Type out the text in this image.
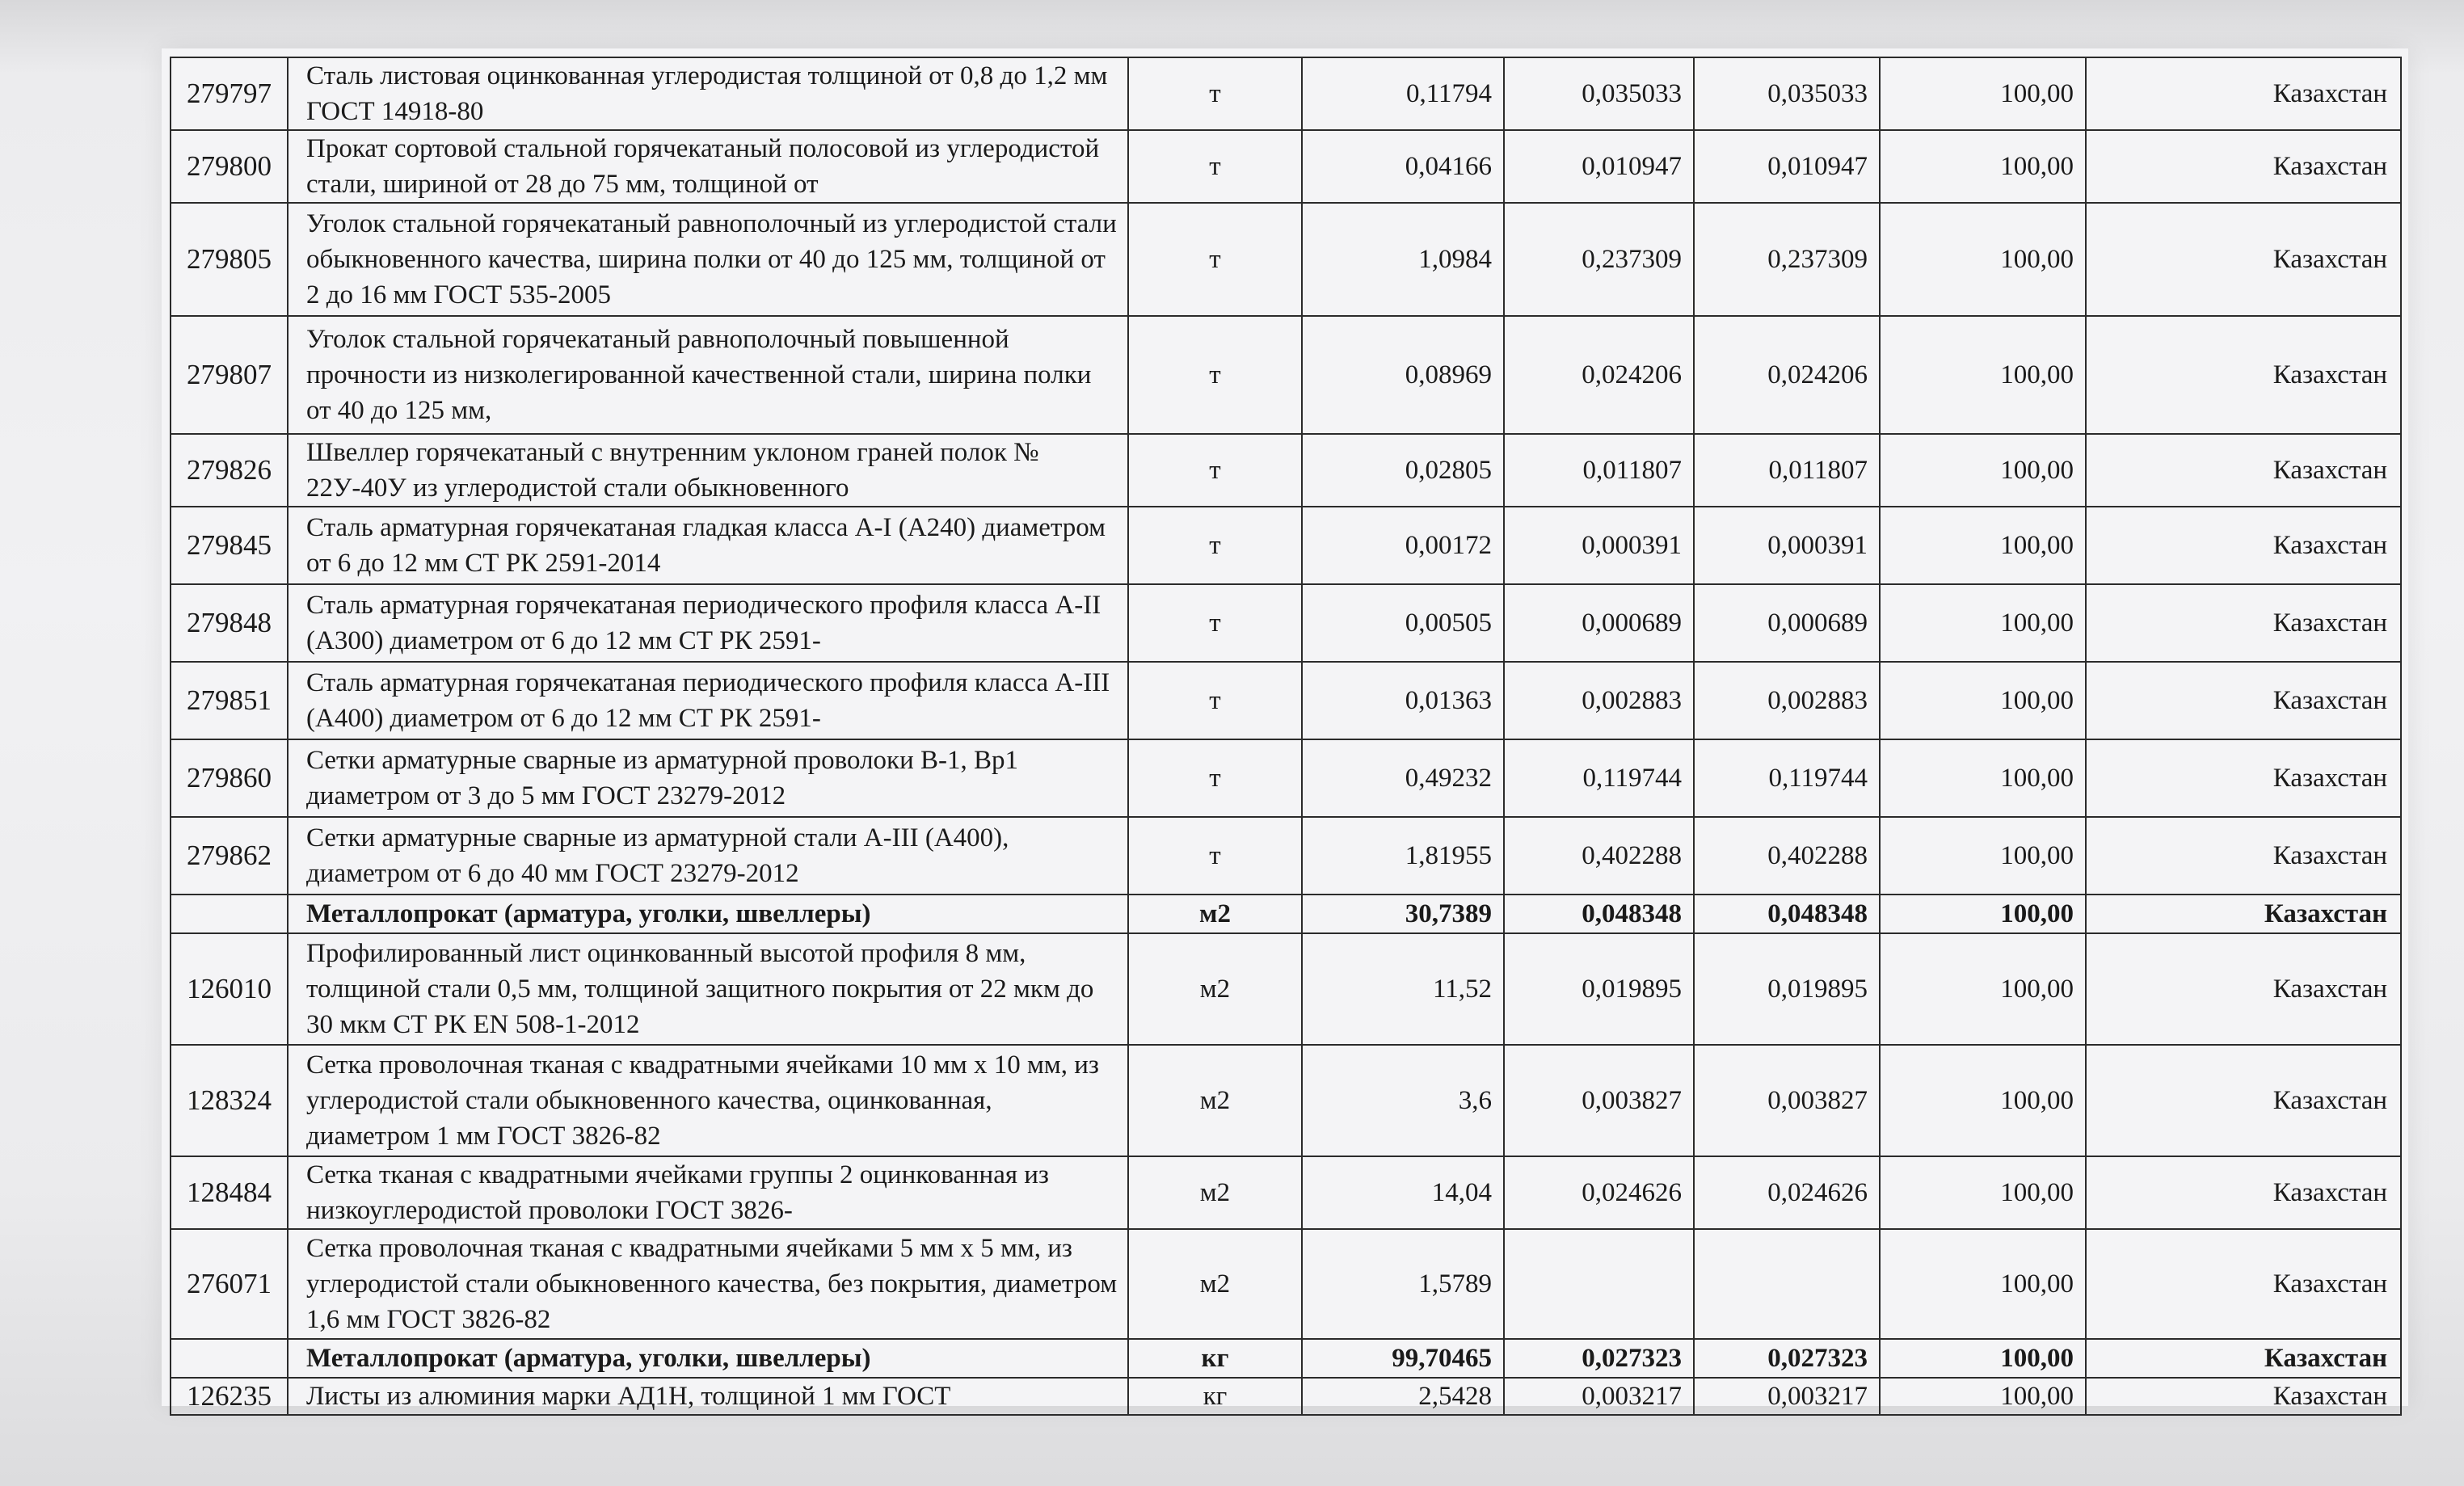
279797	Сталь листовая оцинкованная углеродистая толщиной от 0,8 до 1,2 мм ГОСТ 14918-80	т	0,11794	0,035033	0,035033	100,00	Казахстан

279800	Прокат сортовой стальной горячекатаный полосовой из углеродистой стали, шириной от 28 до 75 мм, толщиной от	т	0,04166	0,010947	0,010947	100,00	Казахстан

279805	Уголок стальной горячекатаный равнополочный из углеродистой стали обыкновенного качества, ширина полки от 40 до 125 мм, толщиной от 2 до 16 мм ГОСТ 535-2005	т	1,0984	0,237309	0,237309	100,00	Казахстан

279807	Уголок стальной горячекатаный равнополочный повышенной прочности из низколегированной качественной стали, ширина полки от 40 до 125 мм,	т	0,08969	0,024206	0,024206	100,00	Казахстан

279826	Швеллер горячекатаный с внутренним уклоном граней полок № 22У-40У из углеродистой стали обыкновенного	т	0,02805	0,011807	0,011807	100,00	Казахстан

279845	Сталь арматурная горячекатаная гладкая класса А-I (А240) диаметром от 6 до 12 мм СТ РК 2591-2014	т	0,00172	0,000391	0,000391	100,00	Казахстан

279848	Сталь арматурная горячекатаная периодического профиля класса А-II (А300) диаметром от 6 до 12 мм СТ РК 2591-	т	0,00505	0,000689	0,000689	100,00	Казахстан

279851	Сталь арматурная горячекатаная периодического профиля класса А-III (А400) диаметром от 6 до 12 мм СТ РК 2591-	т	0,01363	0,002883	0,002883	100,00	Казахстан

279860	Сетки арматурные сварные из арматурной проволоки В-1, Вр1 диаметром от 3 до 5 мм ГОСТ 23279-2012	т	0,49232	0,119744	0,119744	100,00	Казахстан

279862	Сетки арматурные сварные из арматурной стали А-III (А400), диаметром от 6 до 40 мм ГОСТ 23279-2012	т	1,81955	0,402288	0,402288	100,00	Казахстан

	Металлопрокат (арматура, уголки, швеллеры)	м2	30,7389	0,048348	0,048348	100,00	Казахстан

126010	Профилированный лист оцинкованный высотой профиля 8 мм, толщиной стали 0,5 мм, толщиной защитного покрытия от 22 мкм до 30 мкм СТ РК EN 508-1-2012	м2	11,52	0,019895	0,019895	100,00	Казахстан

128324	Сетка проволочная тканая с квадратными ячейками 10 мм х 10 мм, из углеродистой стали обыкновенного качества, оцинкованная, диаметром 1 мм ГОСТ 3826-82	м2	3,6	0,003827	0,003827	100,00	Казахстан

128484	Сетка тканая с квадратными ячейками группы 2 оцинкованная из низкоуглеродистой проволоки ГОСТ 3826-	м2	14,04	0,024626	0,024626	100,00	Казахстан

276071	Сетка проволочная тканая с квадратными ячейками 5 мм х 5 мм, из углеродистой стали обыкновенного качества, без покрытия, диаметром 1,6 мм ГОСТ 3826-82	м2	1,5789			100,00	Казахстан

	Металлопрокат (арматура, уголки, швеллеры)	кг	99,70465	0,027323	0,027323	100,00	Казахстан

126235	Листы из алюминия марки АД1Н, толщиной 1 мм ГОСТ	кг	2,5428	0,003217	0,003217	100,00	Казахстан
